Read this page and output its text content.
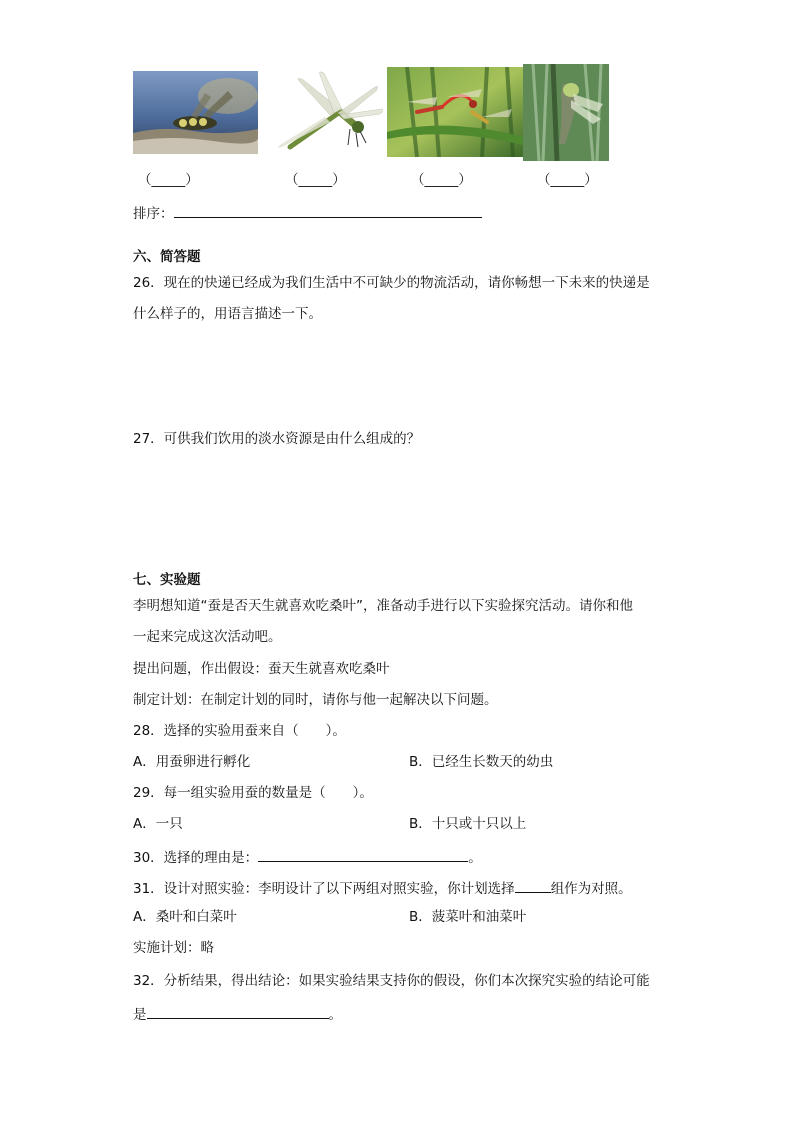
（_____）	（_____）	（_____）	（_____）
排序：
六、简答题
26．现在的快递已经成为我们生活中不可缺少的物流活动，请你畅想一下未来的快递是
什么样子的，用语言描述一下。
27．可供我们饮用的淡水资源是由什么组成的？
七、实验题
李明想知道“蚕是否天生就喜欢吃桑叶”，准备动手进行以下实验探究活动。请你和他
一起来完成这次活动吧。
提出问题，作出假设：蚕天生就喜欢吃桑叶
制定计划：在制定计划的同时，请你与他一起解决以下问题。
28．选择的实验用蚕来自（　　）。
A．用蚕卵进行孵化	B．已经生长数天的幼虫
29．每一组实验用蚕的数量是（　　）。
A．一只	B．十只或十只以上
30．选择的理由是：	。
31．设计对照实验：李明设计了以下两组对照实验，你计划选择	组作为对照。
A．桑叶和白菜叶	B．菠菜叶和油菜叶
实施计划：略
32．分析结果，得出结论：如果实验结果支持你的假设，你们本次探究实验的结论可能
是	。
